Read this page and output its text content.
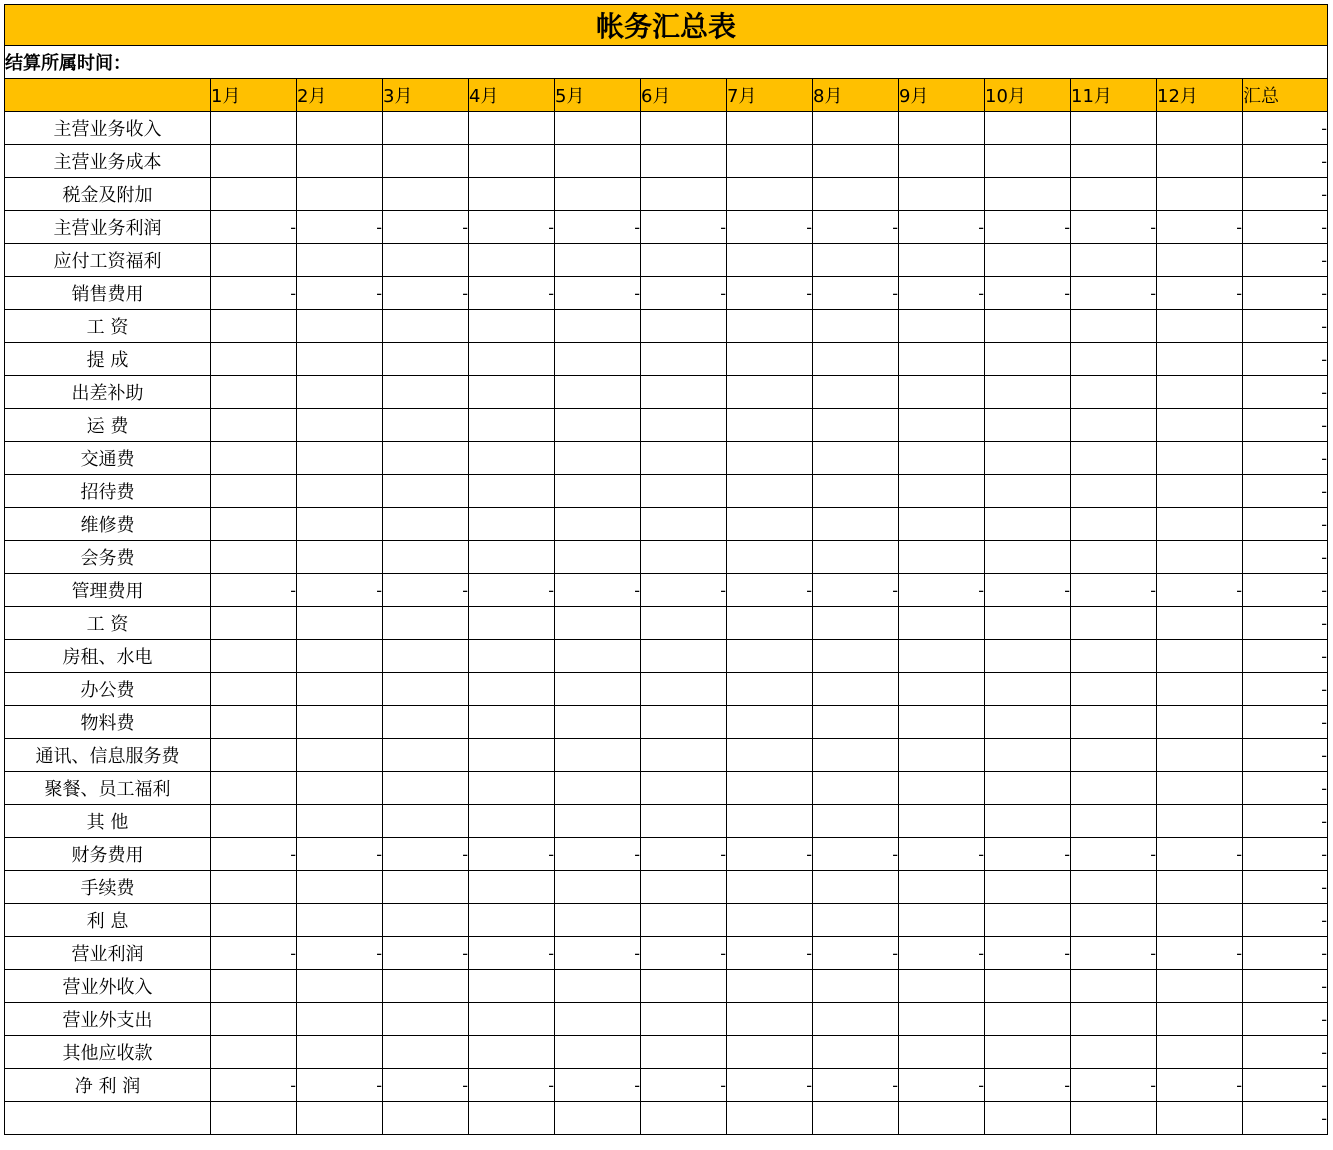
帐务汇总表													
结算所属时间：													
	1月	2月	3月	4月	5月	6月	7月	8月	9月	10月	11月	12月	汇总
主营业务收入													-
主营业务成本													-
税金及附加													-
主营业务利润	-	-	-	-	-	-	-	-	-	-	-	-	-
应付工资福利													-
销售费用	-	-	-	-	-	-	-	-	-	-	-	-	-
工 资													-
提 成													-
出差补助													-
运 费													-
交通费													-
招待费													-
维修费													-
会务费													-
管理费用	-	-	-	-	-	-	-	-	-	-	-	-	-
工 资													-
房租、水电													-
办公费													-
物料费													-
通讯、信息服务费													-
聚餐、员工福利													-
其 他													-
财务费用	-	-	-	-	-	-	-	-	-	-	-	-	-
手续费													-
利 息													-
营业利润	-	-	-	-	-	-	-	-	-	-	-	-	-
营业外收入													-
营业外支出													-
其他应收款													-
净 利 润	-	-	-	-	-	-	-	-	-	-	-	-	-
													-
